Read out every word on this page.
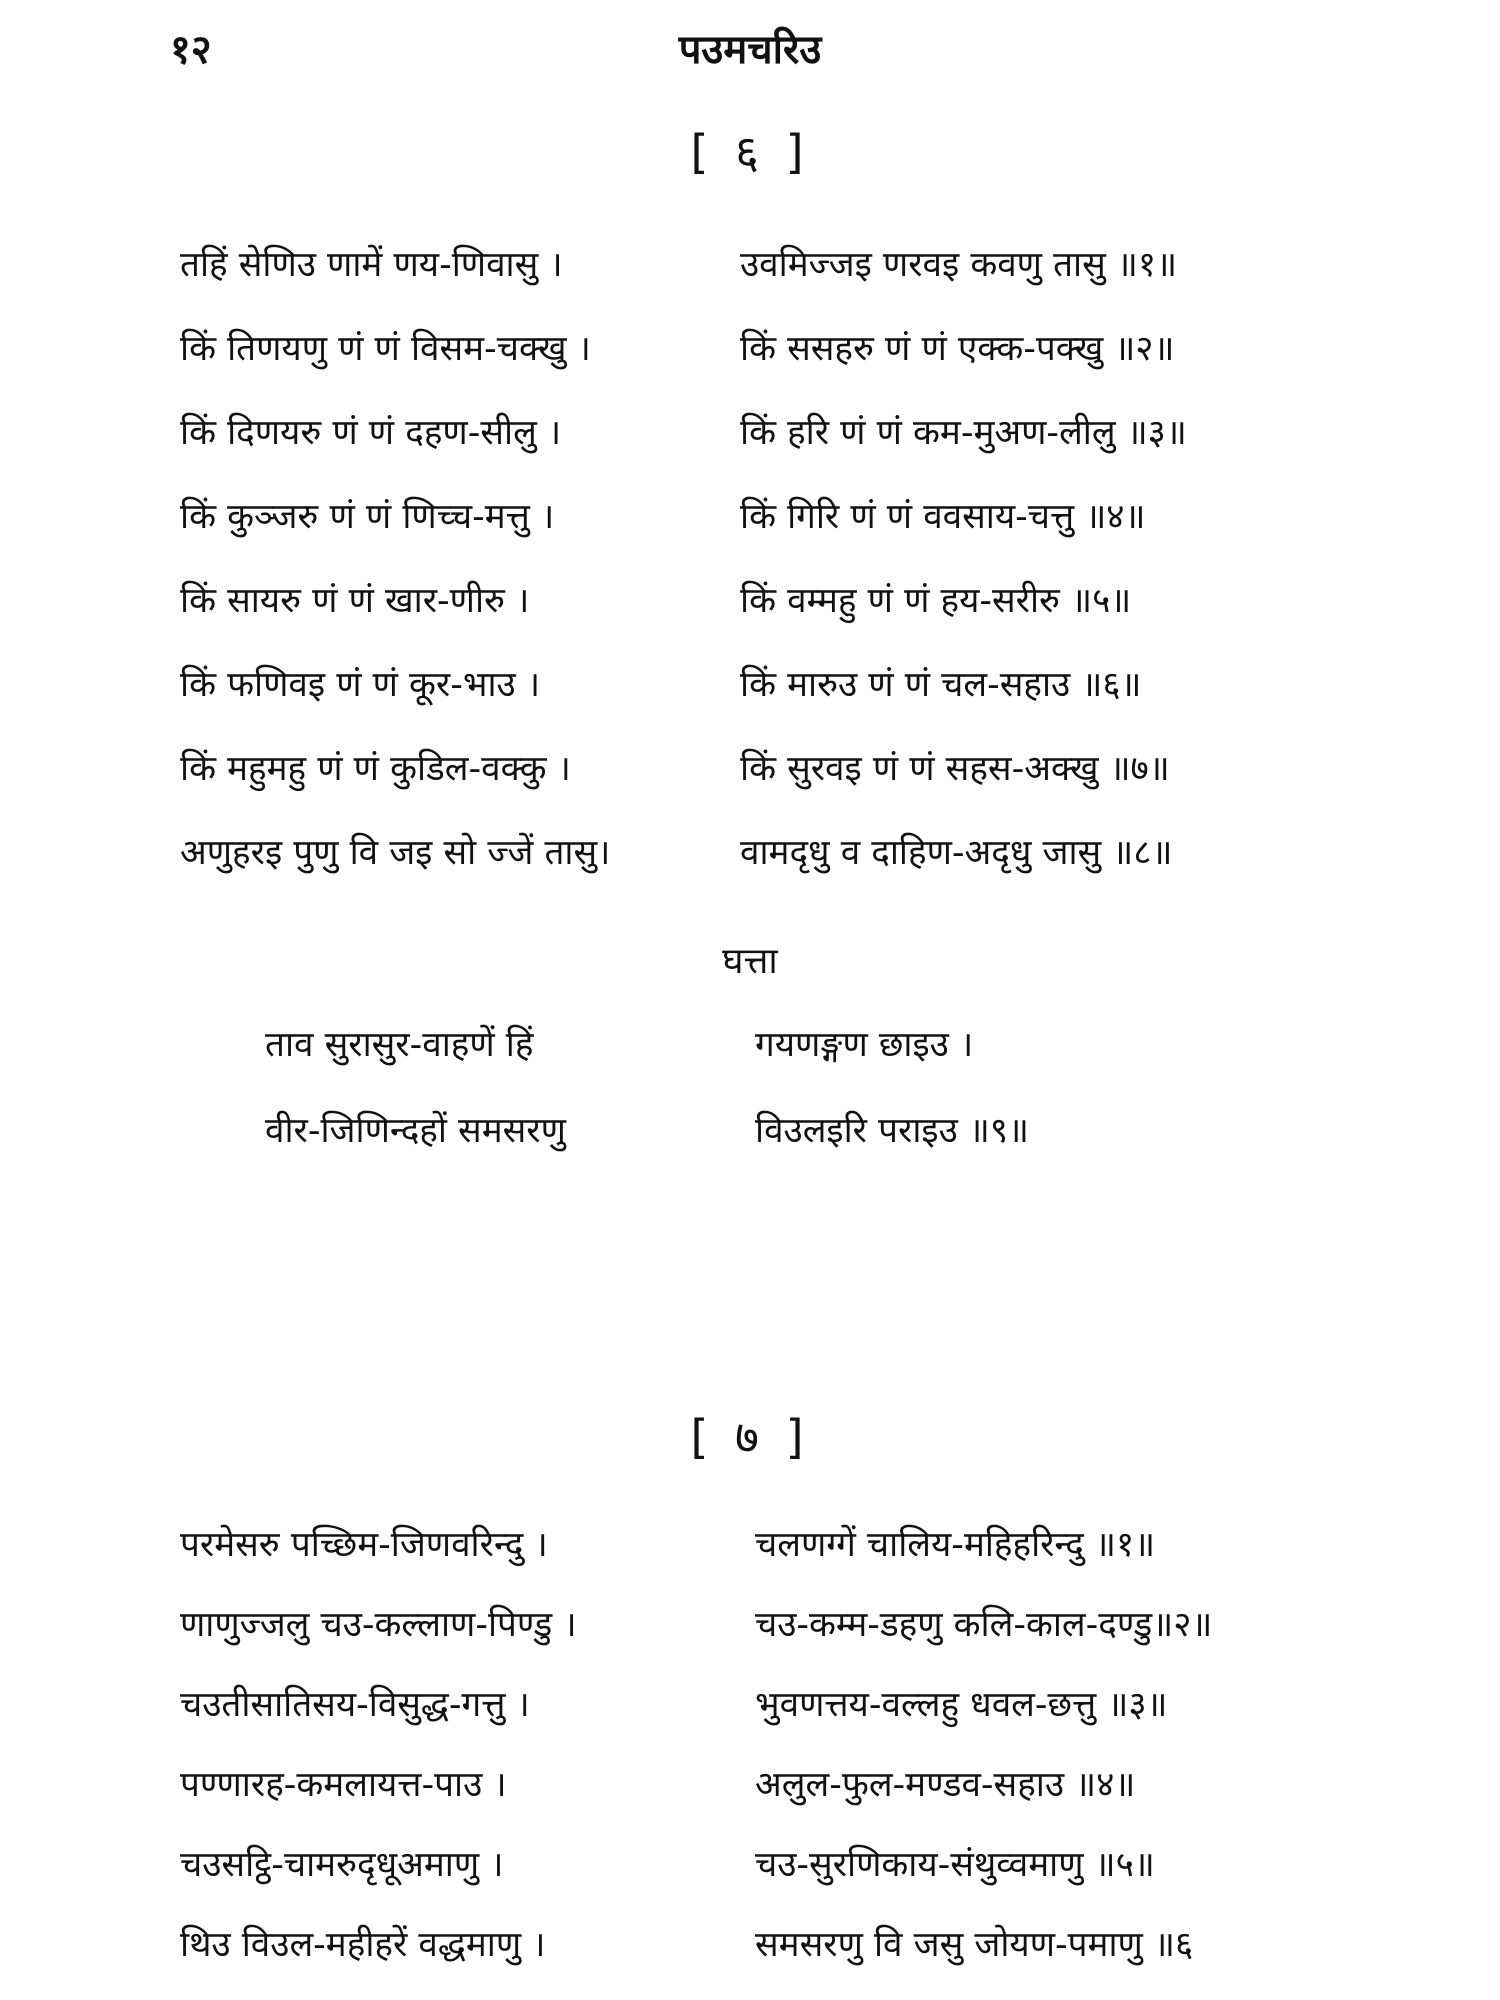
१२	पउमचरिउ
[ ६ ]
तहिं सेणिउ णामें णय-णिवासु ।	उवमिज्जइ णरवइ कवणु तासु ॥१॥
किं तिणयणु णं णं विसम-चक्खु ।	किं ससहरु णं णं एक्क-पक्खु ॥२॥
किं दिणयरु णं णं दहण-सीलु ।	किं हरि णं णं कम-मुअण-लीलु ॥३॥
किं कुञ्जरु णं णं णिच्च-मत्तु ।	किं गिरि णं णं ववसाय-चत्तु ॥४॥
किं सायरु णं णं खार-णीरु ।	किं वम्महु णं णं हय-सरीरु ॥५॥
किं फणिवइ णं णं कूर-भाउ ।	किं मारुउ णं णं चल-सहाउ ॥६॥
किं महुमहु णं णं कुडिल-वक्कु ।	किं सुरवइ णं णं सहस-अक्खु ॥७॥
अणुहरइ पुणु वि जइ सो ज्जें तासु।	वामदृधु व दाहिण-अदृधु जासु ॥८॥
घत्ता
ताव सुरासुर-वाहणें हिं	गयणङ्गण छाइउ ।
वीर-जिणिन्दहों समसरणु	विउलइरि पराइउ ॥९॥
[ ७ ]
परमेसरु पच्छिम-जिणवरिन्दु ।	चलणग्गें चालिय-महिहरिन्दु ॥१॥
णाणुज्जलु चउ-कल्लाण-पिण्डु ।	चउ-कम्म-डहणु कलि-काल-दण्डु॥२॥
चउतीसातिसय-विसुद्ध-गत्तु ।	भुवणत्तय-वल्लहु धवल-छत्तु ॥३॥
पण्णारह-कमलायत्त-पाउ ।	अलुल-फुल-मण्डव-सहाउ ॥४॥
चउसट्ठि-चामरुदृधूअमाणु ।	चउ-सुरणिकाय-संथुव्वमाणु ॥५॥
थिउ विउल-महीहरें वद्धमाणु ।	समसरणु वि जसु जोयण-पमाणु ॥६
